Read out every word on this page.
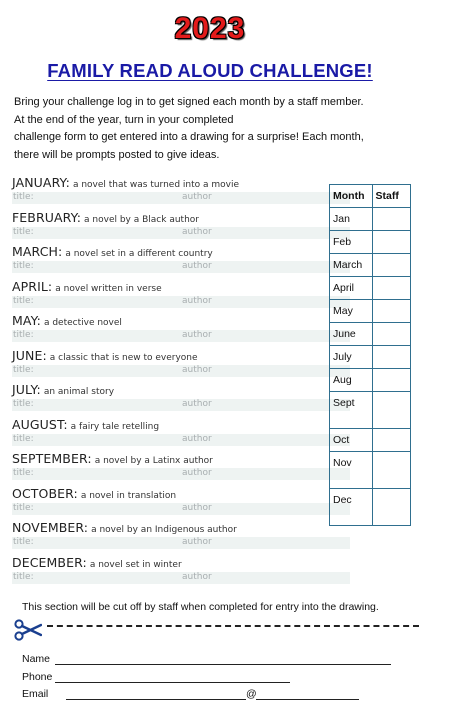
2023
FAMILY READ ALOUD CHALLENGE!
Bring your challenge log in to get signed each month by a staff member.
At the end of the year, turn in your completed
challenge form to get entered into a drawing for a surprise! Each month,
there will be prompts posted to give ideas.
JANUARY: a novel that was turned into a movie
title:	author
FEBRUARY: a novel by a Black author
title:	author
MARCH: a novel set in a different country
title:	author
APRIL: a novel written in verse
title:	author
MAY: a detective novel
title:	author
JUNE: a classic that is new to everyone
title:	author
JULY: an animal story
title:	author
AUGUST: a fairy tale retelling
title:	author
SEPTEMBER: a novel by a Latinx author
title:	author
OCTOBER: a novel in translation
title:	author
NOVEMBER: a novel by an Indigenous author
title:	author
DECEMBER: a novel set in winter
title:	author
Month	Staff
Jan	
Feb	
March	
April	
May	
June	
July	
Aug	
Sept	
Oct	
Nov	
Dec	
This section will be cut off by staff when completed for entry into the drawing.
Name
Phone
Email	@
